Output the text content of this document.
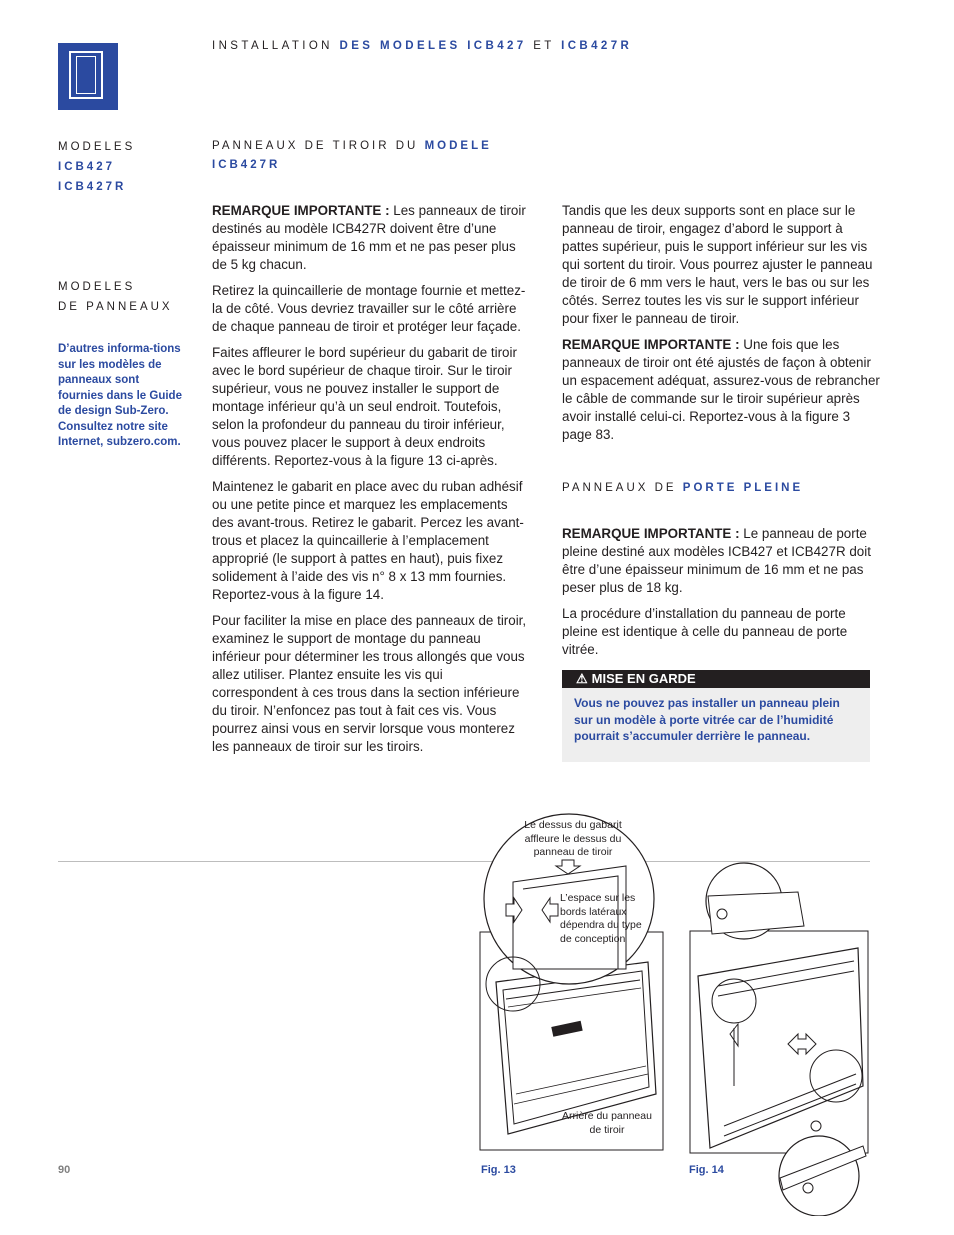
INSTALLATION DES MODELES ICB427 ET ICB427R
MODELES
ICB427
ICB427R
MODELES
DE PANNEAUX
D’autres informa-tions sur les modèles de panneaux sont fournies dans le Guide de design Sub-Zero. Consultez notre site Internet, subzero.com.
PANNEAUX DE TIROIR DU MODELE ICB427R

REMARQUE IMPORTANTE : Les panneaux de tiroir destinés au modèle ICB427R doivent être d’une épaisseur minimum de 16 mm et ne pas peser plus de 5 kg chacun.

Retirez la quincaillerie de montage fournie et mettez-la de côté. Vous devriez travailler sur le côté arrière de chaque panneau de tiroir et protéger leur façade.

Faites affleurer le bord supérieur du gabarit de tiroir avec le bord supérieur de chaque tiroir. Sur le tiroir supérieur, vous ne pouvez installer le support de montage inférieur qu’à un seul endroit. Toutefois, selon la profondeur du panneau du tiroir inférieur, vous pouvez placer le support à deux endroits différents. Reportez-vous à la figure 13 ci-après.

Maintenez le gabarit en place avec du ruban adhésif ou une petite pince et marquez les emplacements des avant-trous. Retirez le gabarit. Percez les avant-trous et placez la quincaillerie à l’emplacement approprié (le support à pattes en haut), puis fixez solidement à l’aide des vis n° 8 x 13 mm fournies. Reportez-vous à la figure 14.

Pour faciliter la mise en place des panneaux de tiroir, examinez le support de montage du panneau inférieur pour déterminer les trous allongés que vous allez utiliser. Plantez ensuite les vis qui correspondent à ces trous dans la section inférieure du tiroir. N’enfoncez pas tout à fait ces vis. Vous pourrez ainsi vous en servir lorsque vous monterez les panneaux de tiroir sur les tiroirs.

Tandis que les deux supports sont en place sur le panneau de tiroir, engagez d’abord le support à pattes supérieur, puis le support inférieur sur les vis qui sortent du tiroir. Vous pourrez ajuster le panneau de tiroir de 6 mm vers le haut, vers le bas ou sur les côtés. Serrez toutes les vis sur le support inférieur pour fixer le panneau de tiroir.

REMARQUE IMPORTANTE : Une fois que les panneaux de tiroir ont été ajustés de façon à obtenir un espacement adéquat, assurez-vous de rebrancher le câble de commande sur le tiroir supérieur après avoir installé celui-ci. Reportez-vous à la figure 3 page 83.

PANNEAUX DE PORTE PLEINE

REMARQUE IMPORTANTE : Le panneau de porte pleine destiné aux modèles ICB427 et ICB427R doit être d’une épaisseur minimum de 16 mm et ne pas peser plus de 18 kg.

La procédure d’installation du panneau de porte pleine est identique à celle du panneau de porte vitrée.

⚠ MISE EN GARDE
Vous ne pouvez pas installer un panneau plein sur un modèle à porte vitrée car de l’humidité pourrait s’accumuler derrière le panneau.
Le dessus du gabarit affleure le dessus du panneau de tiroir
L’espace sur les bords latéraux dépendra du type de conception
Arrière du panneau de tiroir
Fig. 13	Fig. 14
90
